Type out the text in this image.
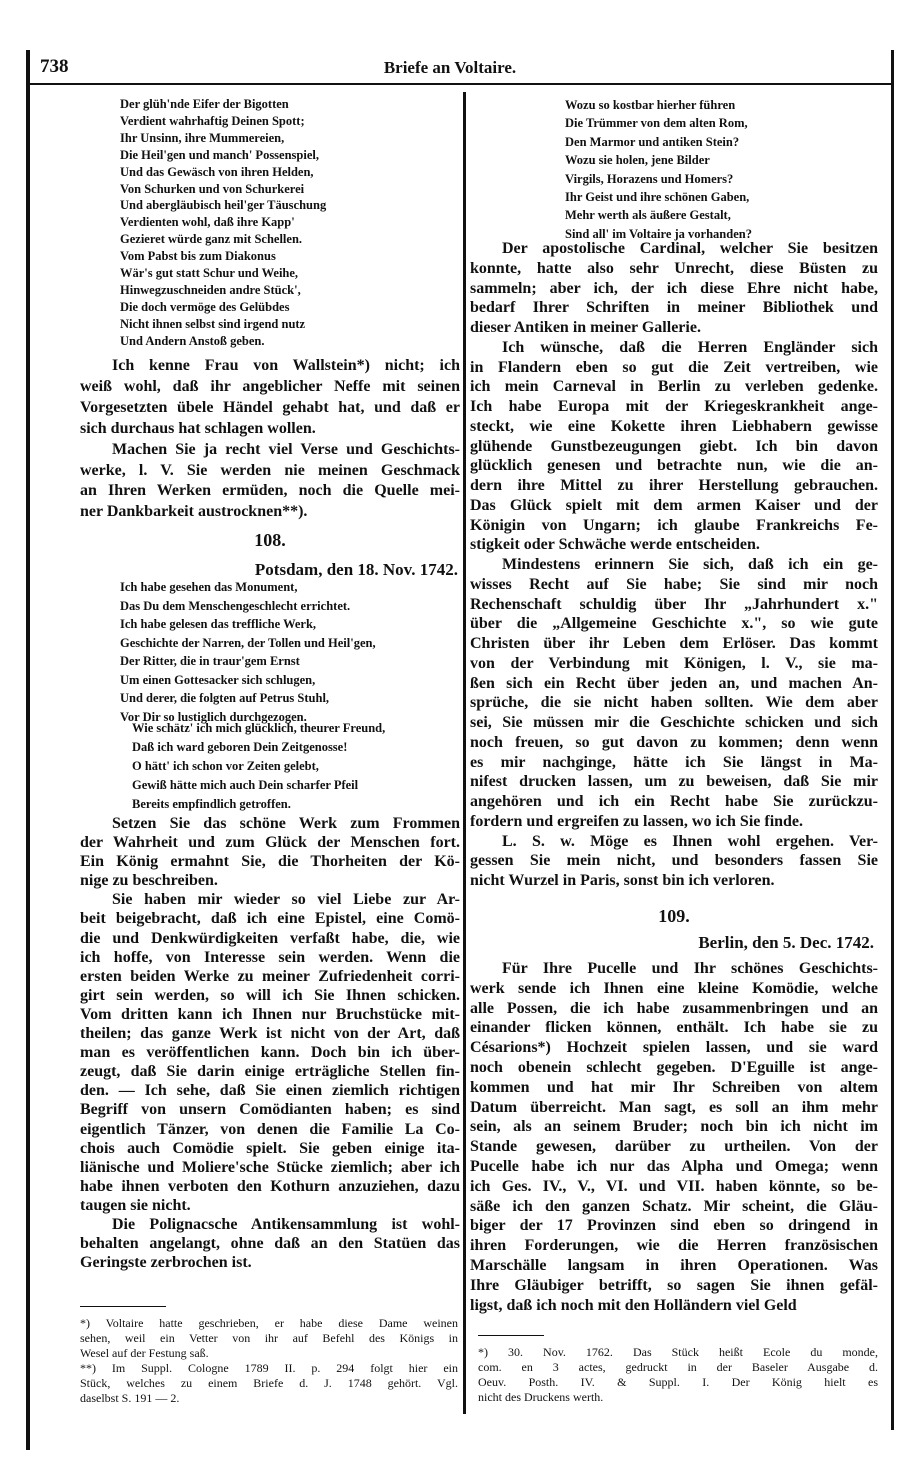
738	Briefe an Voltaire.
Der glüh'nde Eifer der Bigotten
Verdient wahrhaftig Deinen Spott;
Ihr Unsinn, ihre Mummereien,
Die Heil'gen und manch' Possenspiel,
Und das Gewäsch von ihren Helden,
Von Schurken und von Schurkerei
Und abergläubisch heil'ger Täuschung
Verdienten wohl, daß ihre Kapp'
Gezieret würde ganz mit Schellen.
Vom Pabst bis zum Diakonus
Wär's gut statt Schur und Weihe,
Hinwegzuschneiden andre Stück',
Die doch vermöge des Gelübdes
Nicht ihnen selbst sind irgend nutz
Und Andern Anstoß geben.
Ich kenne Frau von Wallstein*) nicht; ich
weiß wohl, daß ihr angeblicher Neffe mit seinen
Vorgesetzten übele Händel gehabt hat, und daß er
sich durchaus hat schlagen wollen.
Machen Sie ja recht viel Verse und Geschichts-
werke, l. V. Sie werden nie meinen Geschmack
an Ihren Werken ermüden, noch die Quelle mei-
ner Dankbarkeit austrocknen**).
108.
Potsdam, den 18. Nov. 1742.
Ich habe gesehen das Monument,
Das Du dem Menschengeschlecht errichtet.
Ich habe gelesen das treffliche Werk,
Geschichte der Narren, der Tollen und Heil'gen,
Der Ritter, die in traur'gem Ernst
Um einen Gottesacker sich schlugen,
Und derer, die folgten auf Petrus Stuhl,
Vor Dir so lustiglich durchgezogen.
Wie schätz' ich mich glücklich, theurer Freund,
Daß ich ward geboren Dein Zeitgenosse!
O hätt' ich schon vor Zeiten gelebt,
Gewiß hätte mich auch Dein scharfer Pfeil
Bereits empfindlich getroffen.
Setzen Sie das schöne Werk zum Frommen
der Wahrheit und zum Glück der Menschen fort.
Ein König ermahnt Sie, die Thorheiten der Kö-
nige zu beschreiben.
Sie haben mir wieder so viel Liebe zur Ar-
beit beigebracht, daß ich eine Epistel, eine Comö-
die und Denkwürdigkeiten verfaßt habe, die, wie
ich hoffe, von Interesse sein werden. Wenn die
ersten beiden Werke zu meiner Zufriedenheit corri-
girt sein werden, so will ich Sie Ihnen schicken.
Vom dritten kann ich Ihnen nur Bruchstücke mit-
theilen; das ganze Werk ist nicht von der Art, daß
man es veröffentlichen kann. Doch bin ich über-
zeugt, daß Sie darin einige erträgliche Stellen fin-
den. — Ich sehe, daß Sie einen ziemlich richtigen
Begriff von unsern Comödianten haben; es sind
eigentlich Tänzer, von denen die Familie La Co-
chois auch Comödie spielt. Sie geben einige ita-
liänische und Moliere'sche Stücke ziemlich; aber ich
habe ihnen verboten den Kothurn anzuziehen, dazu
taugen sie nicht.
Die Polignacsche Antikensammlung ist wohl-
behalten angelangt, ohne daß an den Statüen das
Geringste zerbrochen ist.
*) Voltaire hatte geschrieben, er habe diese Dame weinen
sehen, weil ein Vetter von ihr auf Befehl des Königs in
Wesel auf der Festung saß.
**) Im Suppl. Cologne 1789 II. p. 294 folgt hier ein
Stück, welches zu einem Briefe d. J. 1748 gehört. Vgl.
daselbst S. 191 — 2.
Wozu so kostbar hierher führen
Die Trümmer von dem alten Rom,
Den Marmor und antiken Stein?
Wozu sie holen, jene Bilder
Virgils, Horazens und Homers?
Ihr Geist und ihre schönen Gaben,
Mehr werth als äußere Gestalt,
Sind all' im Voltaire ja vorhanden?
Der apostolische Cardinal, welcher Sie besitzen
konnte, hatte also sehr Unrecht, diese Büsten zu
sammeln; aber ich, der ich diese Ehre nicht habe,
bedarf Ihrer Schriften in meiner Bibliothek und
dieser Antiken in meiner Gallerie.
Ich wünsche, daß die Herren Engländer sich
in Flandern eben so gut die Zeit vertreiben, wie
ich mein Carneval in Berlin zu verleben gedenke.
Ich habe Europa mit der Kriegeskrankheit ange-
steckt, wie eine Kokette ihren Liebhabern gewisse
glühende Gunstbezeugungen giebt. Ich bin davon
glücklich genesen und betrachte nun, wie die an-
dern ihre Mittel zu ihrer Herstellung gebrauchen.
Das Glück spielt mit dem armen Kaiser und der
Königin von Ungarn; ich glaube Frankreichs Fe-
stigkeit oder Schwäche werde entscheiden.
Mindestens erinnern Sie sich, daß ich ein ge-
wisses Recht auf Sie habe; Sie sind mir noch
Rechenschaft schuldig über Ihr „Jahrhundert x."
über die „Allgemeine Geschichte x.", so wie gute
Christen über ihr Leben dem Erlöser. Das kommt
von der Verbindung mit Königen, l. V., sie ma-
ßen sich ein Recht über jeden an, und machen An-
sprüche, die sie nicht haben sollten. Wie dem aber
sei, Sie müssen mir die Geschichte schicken und sich
noch freuen, so gut davon zu kommen; denn wenn
es mir nachginge, hätte ich Sie längst in Ma-
nifest drucken lassen, um zu beweisen, daß Sie mir
angehören und ich ein Recht habe Sie zurückzu-
fordern und ergreifen zu lassen, wo ich Sie finde.
L. S. w. Möge es Ihnen wohl ergehen. Ver-
gessen Sie mein nicht, und besonders fassen Sie
nicht Wurzel in Paris, sonst bin ich verloren.
109.
Berlin, den 5. Dec. 1742.
Für Ihre Pucelle und Ihr schönes Geschichts-
werk sende ich Ihnen eine kleine Komödie, welche
alle Possen, die ich habe zusammenbringen und an
einander flicken können, enthält. Ich habe sie zu
Césarions*) Hochzeit spielen lassen, und sie ward
noch obenein schlecht gegeben. D'Eguille ist ange-
kommen und hat mir Ihr Schreiben von altem
Datum überreicht. Man sagt, es soll an ihm mehr
sein, als an seinem Bruder; noch bin ich nicht im
Stande gewesen, darüber zu urtheilen. Von der
Pucelle habe ich nur das Alpha und Omega; wenn
ich Ges. IV., V., VI. und VII. haben könnte, so be-
säße ich den ganzen Schatz. Mir scheint, die Gläu-
biger der 17 Provinzen sind eben so dringend in
ihren Forderungen, wie die Herren französischen
Marschälle langsam in ihren Operationen. Was
Ihre Gläubiger betrifft, so sagen Sie ihnen gefäl-
ligst, daß ich noch mit den Holländern viel Geld
*) 30. Nov. 1762. Das Stück heißt Ecole du monde,
com. en 3 actes, gedruckt in der Baseler Ausgabe d.
Oeuv. Posth. IV. & Suppl. I. Der König hielt es
nicht des Druckens werth.
